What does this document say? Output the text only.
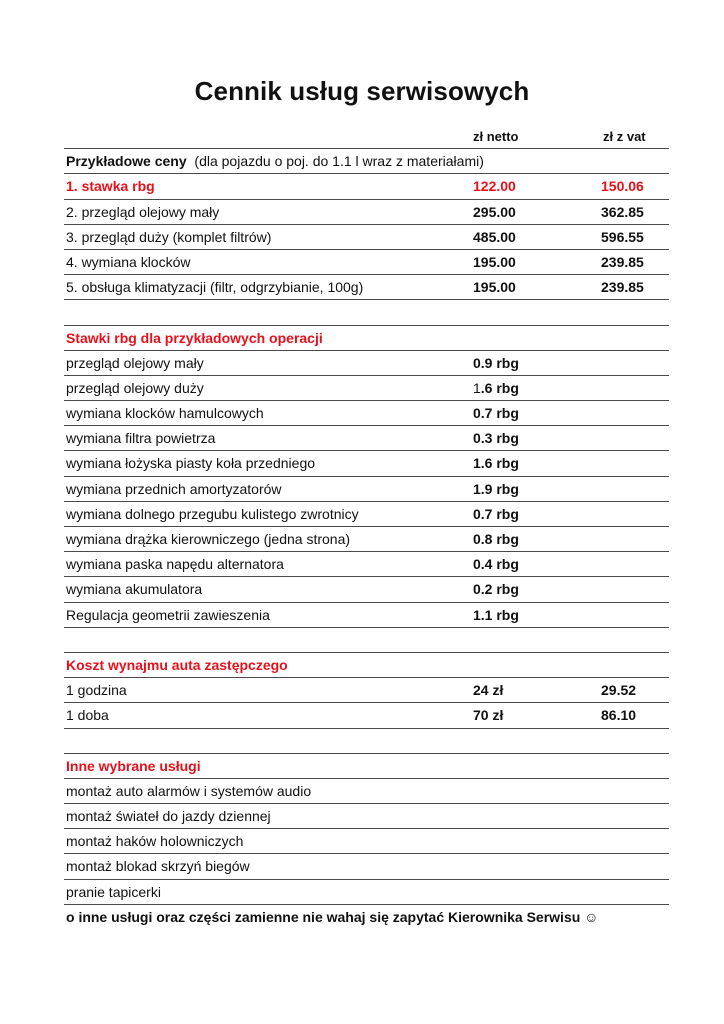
Cennik usług serwisowych
zł netto	zł z vat
Przykładowe ceny (dla pojazdu o poj. do 1.1 l wraz z materiałami)
1. stawka rbg	122.00	150.06
2. przegląd olejowy mały	295.00	362.85
3. przegląd duży (komplet filtrów)	485.00	596.55
4. wymiana klocków	195.00	239.85
5. obsługa klimatyzacji (filtr, odgrzybianie, 100g)	195.00	239.85
Stawki rbg dla przykładowych operacji
przegląd olejowy mały	0.9 rbg
przegląd olejowy duży	1.6 rbg
wymiana klocków hamulcowych	0.7 rbg
wymiana filtra powietrza	0.3 rbg
wymiana łożyska piasty koła przedniego	1.6 rbg
wymiana przednich amortyzatorów	1.9 rbg
wymiana dolnego przegubu kulistego zwrotnicy	0.7 rbg
wymiana drążka kierowniczego (jedna strona)	0.8 rbg
wymiana paska napędu alternatora	0.4 rbg
wymiana akumulatora	0.2 rbg
Regulacja geometrii zawieszenia	1.1 rbg
Koszt wynajmu auta zastępczego
1 godzina	24 zł	29.52
1 doba	70 zł	86.10
Inne wybrane usługi
montaż auto alarmów i systemów audio
montaż świateł do jazdy dziennej
montaż haków holowniczych
montaż blokad skrzyń biegów
pranie tapicerki
o inne usługi oraz części zamienne nie wahaj się zapytać Kierownika Serwisu ☺
